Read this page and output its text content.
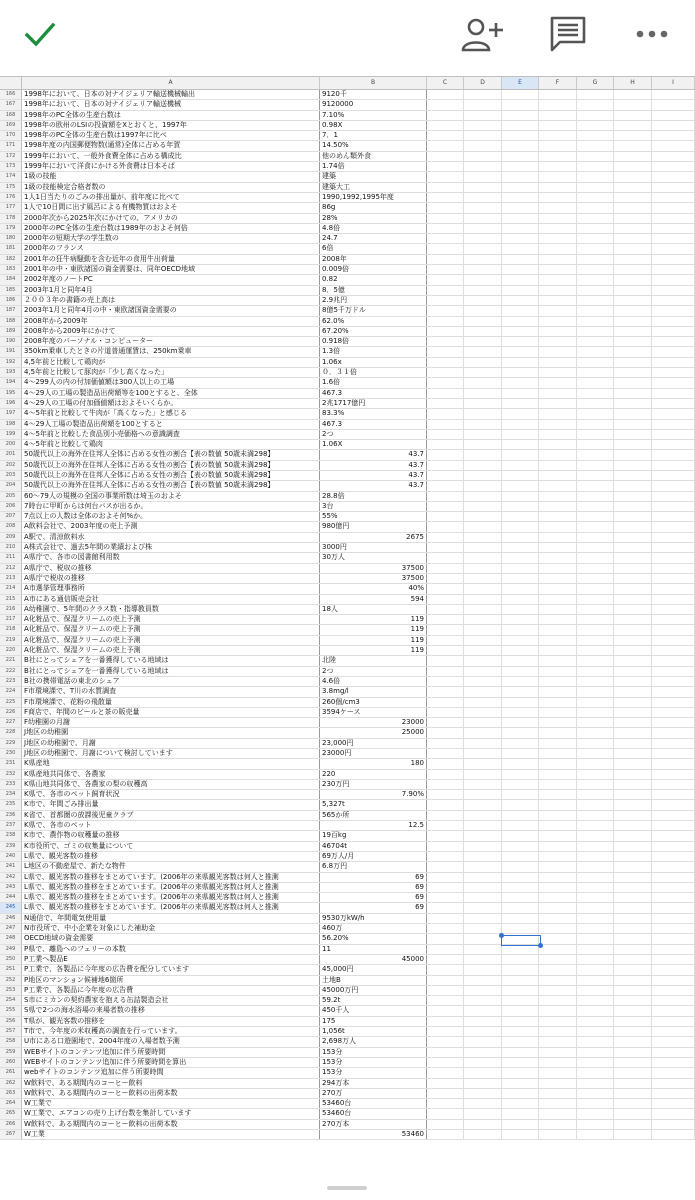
A	B	C	D	E	F	G	H	I
166	1998年において、日本の対ナイジェリア輸送機械輸出	9120千
167	1998年において、日本の対ナイジェリア輸送機械	9120000
168	1998年のPC全体の生産台数は	7.10%
169	1998年の欧州のLSIの投資額をXとおくと、1997年	0.98X
170	1998年のPC全体の生産台数は1997年に比べ	7．1
171	1998年度の内国郵便物数(通常)全体に占める年賀	14.50%
172	1999年において、一般外食費全体に占める構成比	他のめん類外食
173	1999年において洋食にかける外食費は日本そば	1.74倍
174	1級の技能	建築
175	1級の技能検定合格者数の	建築大工
176	1人1日当たりのごみの排出量が、前年度に比べて	1990,1992,1995年度
177	1人で10日間に出す風呂による有機物質はおよそ	86g
178	2000年次から2025年次にかけての、アメリカの	28%
179	2000年のPC全体の生産台数は1989年のおよそ何倍	4.8倍
180	2000年の短期大学の学生数の	24.7
181	2000年のフランス	6倍
182	2001年の狂牛病騒動を含む近年の食用牛出荷量	2008年
183	2001年の中・東欧諸国の資金需要は、同年OECD地域	0.009倍
184	2002年度のノートPC	0.82
185	2003年1月と同年4月	8．5億
186	２００３年の書籍の売上高は	2.9兆円
187	2003年1月と同年4月の中・東欧諸国資金需要の	8億5千万ドル
188	2008年から2009年	62.0%
189	2008年から2009年にかけて	67.20%
190	2008年度のパーソナル・コンピューター	0.918倍
191	350km乗車したときの片道普通運賃は、250km乗車	1.3倍
192	4,5年前と比較して鶏肉が	1.06x
193	4,5年前と比較して豚肉が「少し高くなった」	０．３１倍
194	4～299人の内の付加価値額は300人以上の工場	1.6倍
195	4～29人の工場の製造品出荷額等を100とすると、全体	467.3
196	4～29人の工場の付加価値額はおよそいくらか。	2兆1717億円
197	4～5年前と比較して牛肉が「高くなった」と感じる	83.3%
198	4～29人工場の製造品出荷額を100とすると	467.3
199	4～5年前と比較した食品別小売価格への意識調査	2つ
200	4～5年前と比較して鶏肉	1.06X
201	50歳代以上の海外在住邦人全体に占める女性の割合【表の数値 50歳未満298】	43.7
202	50歳代以上の海外在住邦人全体に占める女性の割合【表の数値 50歳未満298】	43.7
203	50歳代以上の海外在住邦人全体に占める女性の割合【表の数値 50歳未満298】	43.7
204	50歳代以上の海外在住邦人全体に占める女性の割合【表の数値 50歳未満298】	43.7
205	60～79人の規模の全国の事業所数は埼玉のおよそ	28.8倍
206	7時台に甲町からは何台バスが出るか。	3台
207	7点以上の人数は全体のおよそ何%か。	55%
208	A飲料会社で、2003年度の売上予測	980億円
209	A駅で、清涼飲料水	2675
210	A株式会社で、過去5年間の業績および株	3000円
211	A県庁で、各市の図書館利用数	30万人
212	A県庁で、税収の推移	37500
213	A県庁で税収の推移	37500
214	A市選挙管理事務所	40%
215	A市にある通信販売会社	594
216	A幼稚園で、5年間のクラス数・指導教員数	18人
217	A化粧品で、保湿クリームの売上予測	119
218	A化粧品で、保湿クリームの売上予測	119
219	A化粧品で、保湿クリームの売上予測	119
220	A化粧品で、保湿クリームの売上予測	119
221	B社にとってシェアを一番獲得している地域は	北陸
222	B社にとってシェアを一番獲得している地域は	2つ
223	B社の携帯電話の東北のシェア	4.6倍
224	F市環境課で、T川の水質調査	3.8mg/l
225	F市環境課で、花粉の飛散量	260個/cm3
226	F商店で、年間のビールと茶の販売量	3594ケース
227	F幼稚園の月謝	23000
228	J地区の幼稚園	25000
229	J地区の幼稚園で、月謝	23,000円
230	J地区の幼稚園で、月謝について検討しています	23000円
231	K県産地	180
232	K県産地共同体で、各農家	220
233	K県山地共同体で、各農家の梨の収穫高	230万円
234	K県で、各市のペット飼育状況	7.90%
235	K市で、年間ごみ排出量	5,327t
236	K省で、首都圏の放課後児童クラブ	565か所
237	K県で、各市のペット	12.5
238	K市で、農作物の収穫量の推移	19百kg
239	K市役所で、ゴミの収集量について	46704t
240	L県で、観光客数の推移	69万人/月
241	L地区の不動産屋で、新たな物件	6.8万円
242	L県で、観光客数の推移をまとめています。(2006年の来県観光客数は何人と推測	69
243	L県で、観光客数の推移をまとめています。(2006年の来県観光客数は何人と推測	69
244	L県で、観光客数の推移をまとめています。(2006年の来県観光客数は何人と推測	69
245	L県で、観光客数の推移をまとめています。(2006年の来県観光客数は何人と推測	69
246	N通信で、年間電気使用量	9530万kW/h
247	N市役所で、中小企業を対象にした補助金	460万
248	OECD地域の資金需要	56.20%
249	P県で、離島へのフェリーの本数	11
250	P工業へ製品E	45000
251	P工業で、各製品に今年度の広告費を配分しています	45,000円
252	P地区のマンション候補地6箇所	土地B
253	P工業で、各製品に今年度の広告費	45000万円
254	S市にミカンの契約農家を抱える缶詰製造会社	59.2t
255	S県で2つの海水浴場の来場者数の推移	450千人
256	T県が、観光客数の推移を	175
257	T市で、今年度の米収穫高の調査を行っています。	1,056t
258	U市にある口遊園地で、2004年度の入場者数予測	2,698万人
259	WEBサイトのコンテンツ追加に伴う所要時間	153分
260	WEBサイトのコンテンツ追加に伴う所要時間を算出	153分
261	webサイトのコンテンツ追加に伴う所要時間	153分
262	W飲料で、ある期間内のコーヒー飲料	294万本
263	W飲料で、ある期間内のコーヒー飲料の出荷本数	270万
264	W工業で	53460台
265	W工業で、エアコンの売り上げ台数を集計しています	53460台
266	W飲料で、ある期間内のコーヒー飲料の出荷本数	270万本
267	W工業	53460
